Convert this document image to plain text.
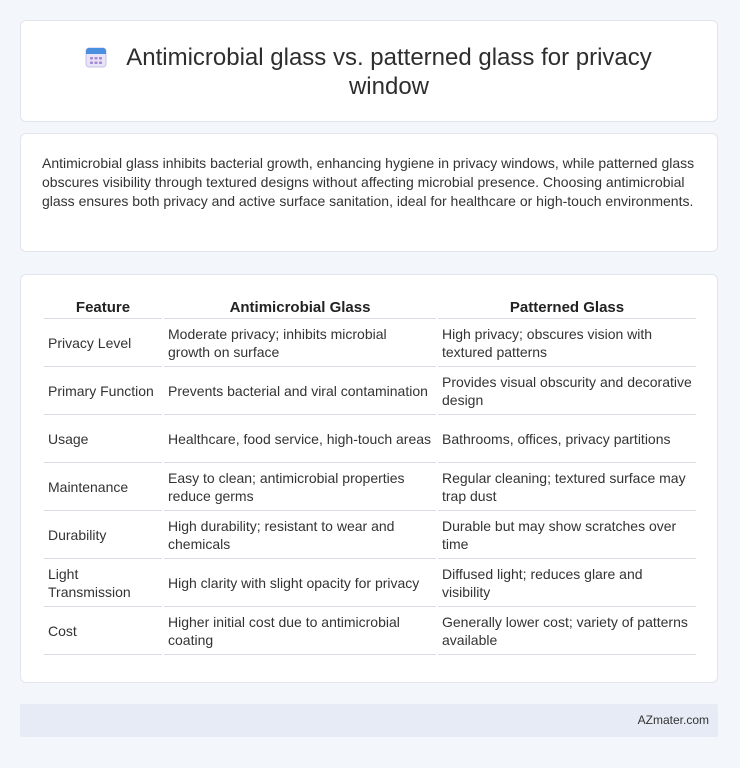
Antimicrobial glass vs. patterned glass for privacy window

Antimicrobial glass inhibits bacterial growth, enhancing hygiene in privacy windows, while patterned glass obscures visibility through textured designs without affecting microbial presence. Choosing antimicrobial glass ensures both privacy and active surface sanitation, ideal for healthcare or high-touch environments.

Feature	Antimicrobial Glass	Patterned Glass
Privacy Level	Moderate privacy; inhibits microbial growth on surface	High privacy; obscures vision with textured patterns
Primary Function	Prevents bacterial and viral contamination	Provides visual obscurity and decorative design
Usage	Healthcare, food service, high-touch areas	Bathrooms, offices, privacy partitions
Maintenance	Easy to clean; antimicrobial properties reduce germs	Regular cleaning; textured surface may trap dust
Durability	High durability; resistant to wear and chemicals	Durable but may show scratches over time
Light Transmission	High clarity with slight opacity for privacy	Diffused light; reduces glare and visibility
Cost	Higher initial cost due to antimicrobial coating	Generally lower cost; variety of patterns available
AZmater.com
